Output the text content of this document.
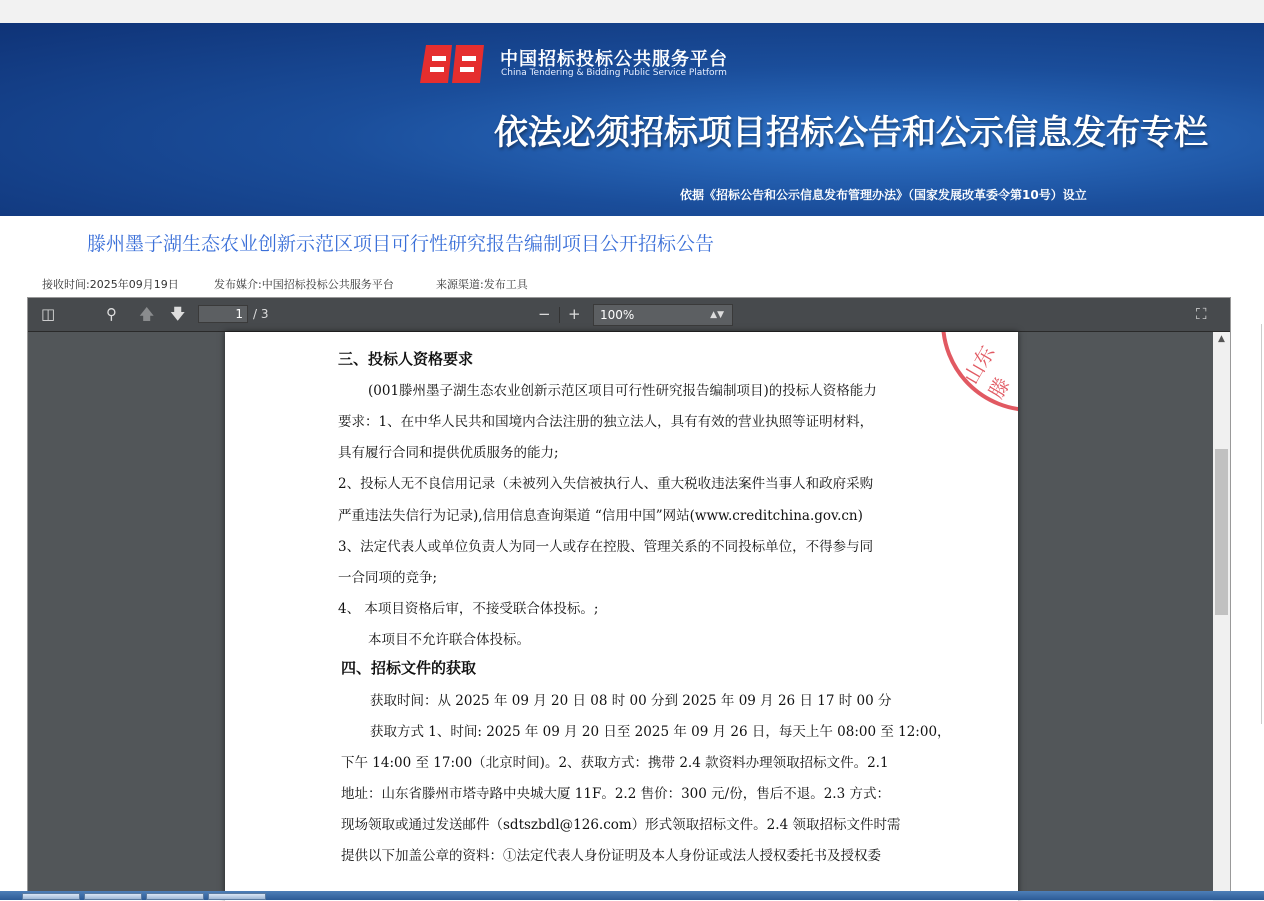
中国招标投标公共服务平台
China Tendering & Bidding Public Service Platform
依法必须招标项目招标公告和公示信息发布专栏
依据《招标公告和公示信息发布管理办法》（国家发展改革委令第10号）设立
滕州墨子湖生态农业创新示范区项目可行性研究报告编制项目公开招标公告
接收时间:2025年09月19日	发布媒介:中国招标投标公共服务平台	来源渠道:发布工具
◫	⚲ 🡅 🡇	1 / 3	− +	100%	▲▼	⛶
山东滕
三、投标人资格要求
(001滕州墨子湖生态农业创新示范区项目可行性研究报告编制项目)的投标人资格能力
要求：1、在中华人民共和国境内合法注册的独立法人，具有有效的营业执照等证明材料，
具有履行合同和提供优质服务的能力;
2、投标人无不良信用记录（未被列入失信被执行人、重大税收违法案件当事人和政府采购
严重违法失信行为记录),信用信息查询渠道 “信用中国”网站(www.creditchina.gov.cn)
3、法定代表人或单位负责人为同一人或存在控股、管理关系的不同投标单位，不得参与同
一合同项的竞争;
4、 本项目资格后审，不接受联合体投标。;
本项目不允许联合体投标。
四、招标文件的获取
获取时间：从 2025 年 09 月 20 日 08 时 00 分到 2025 年 09 月 26 日 17 时 00 分
获取方式 1、时间: 2025 年 09 月 20 日至 2025 年 09 月 26 日，每天上午 08:00 至 12:00，
下午 14:00 至 17:00（北京时间)。2、获取方式：携带 2.4 款资料办理领取招标文件。2.1
地址：山东省滕州市塔寺路中央城大厦 11F。2.2 售价：300 元/份，售后不退。2.3 方式：
现场领取或通过发送邮件（sdtszbdl@126.com）形式领取招标文件。2.4 领取招标文件时需
提供以下加盖公章的资料：①法定代表人身份证明及本人身份证或法人授权委托书及授权委
▲
